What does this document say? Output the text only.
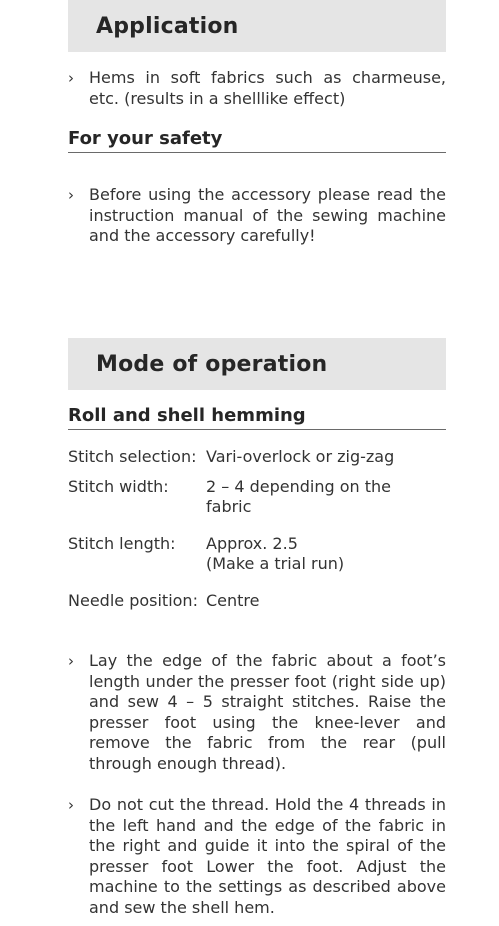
Application
› Hems in soft fabrics such as charmeuse, etc. (results in a shelllike effect)
For your safety
› Before using the accessory please read the instruction manual of the sewing machine and the accessory carefully!
Mode of operation
Roll and shell hemming
Stitch selection: Vari-overlock or zig-zag
Stitch width:	2 – 4 depending on the
fabric
Stitch length:	Approx. 2.5
(Make a trial run)
Needle position: Centre
› Lay the edge of the fabric about a foot’s length under the presser foot (right side up) and sew 4 – 5 straight stitches. Raise the presser foot using the knee-lever and remove the fabric from the rear (pull through enough thread).
› Do not cut the thread. Hold the 4 threads in the left hand and the edge of the fabric in the right and guide it into the spiral of the presser foot Lower the foot. Adjust the machine to the settings as described above and sew the shell hem.
